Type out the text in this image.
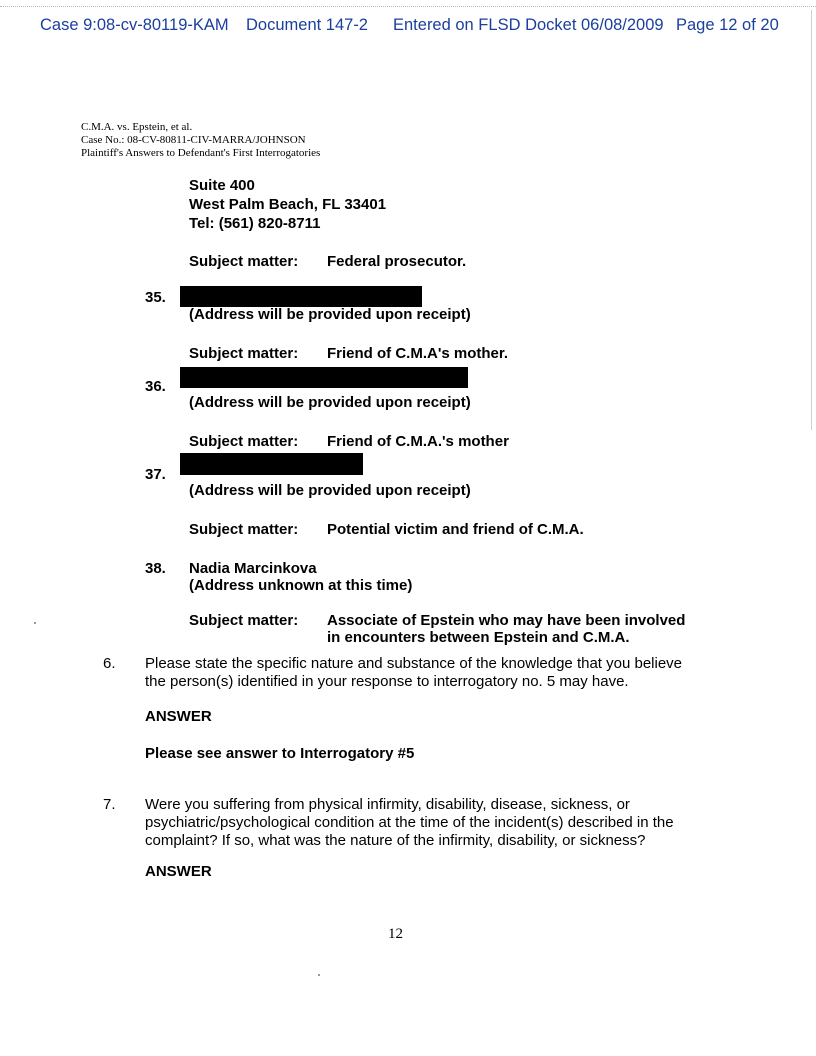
Case 9:08-cv-80119-KAM Document 147-2 Entered on FLSD Docket 06/08/2009 Page 12 of 20
C.M.A. vs. Epstein, et al.
Case No.: 08-CV-80811-CIV-MARRA/JOHNSON
Plaintiff's Answers to Defendant's First Interrogatories
Suite 400
West Palm Beach, FL 33401
Tel: (561) 820-8711
Subject matter: Federal prosecutor.
35.
(Address will be provided upon receipt)
Subject matter: Friend of C.M.A's mother.
36.
(Address will be provided upon receipt)
Subject matter: Friend of C.M.A.'s mother
37.
(Address will be provided upon receipt)
Subject matter: Potential victim and friend of C.M.A.
38. Nadia Marcinkova
(Address unknown at this time)
Subject matter: Associate of Epstein who may have been involved
in encounters between Epstein and C.M.A.
6. Please state the specific nature and substance of the knowledge that you believe
the person(s) identified in your response to interrogatory no. 5 may have.
ANSWER
Please see answer to Interrogatory #5
7. Were you suffering from physical infirmity, disability, disease, sickness, or
psychiatric/psychological condition at the time of the incident(s) described in the
complaint? If so, what was the nature of the infirmity, disability, or sickness?
ANSWER
12
